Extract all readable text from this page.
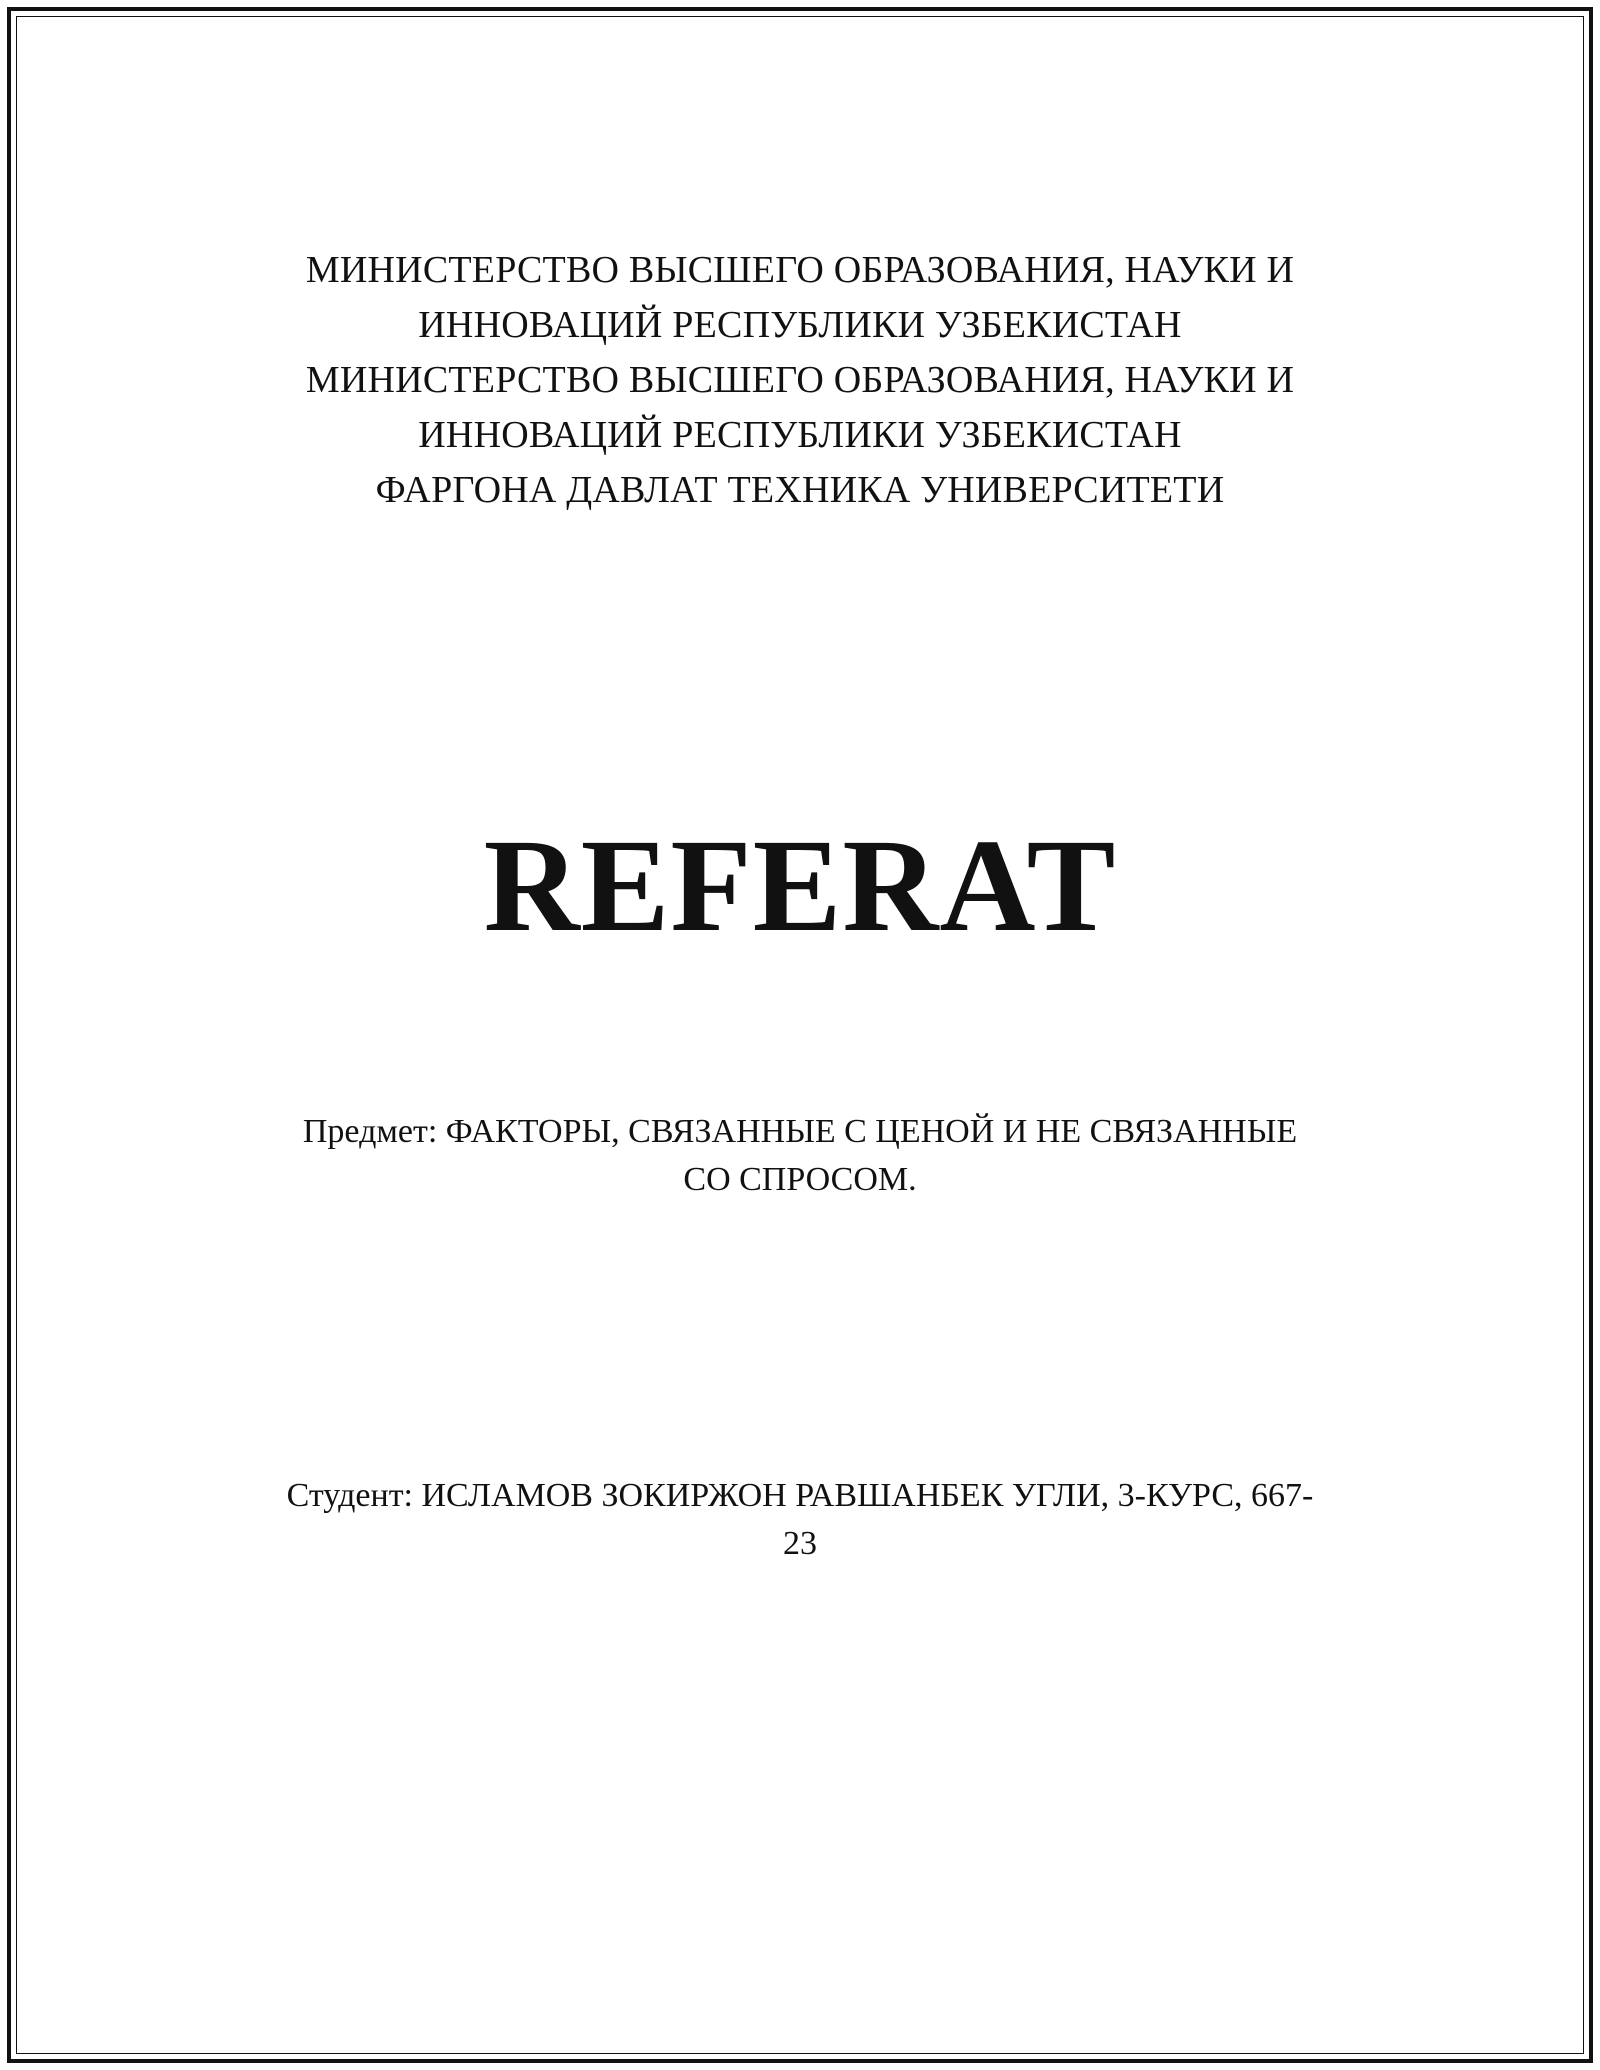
МИНИСТЕРСТВО ВЫСШЕГО ОБРАЗОВАНИЯ, НАУКИ И
ИННОВАЦИЙ РЕСПУБЛИКИ УЗБЕКИСТАН
МИНИСТЕРСТВО ВЫСШЕГО ОБРАЗОВАНИЯ, НАУКИ И
ИННОВАЦИЙ РЕСПУБЛИКИ УЗБЕКИСТАН
ФАРГОНА ДАВЛАТ ТЕХНИКА УНИВЕРСИТЕТИ
REFERAT
Предмет: ФАКТОРЫ, СВЯЗАННЫЕ С ЦЕНОЙ И НЕ СВЯЗАННЫЕ
СО СПРОСОМ.
Студент: ИСЛАМОВ ЗОКИРЖОН РАВШАНБЕК УГЛИ, 3-КУРС, 667-
23
